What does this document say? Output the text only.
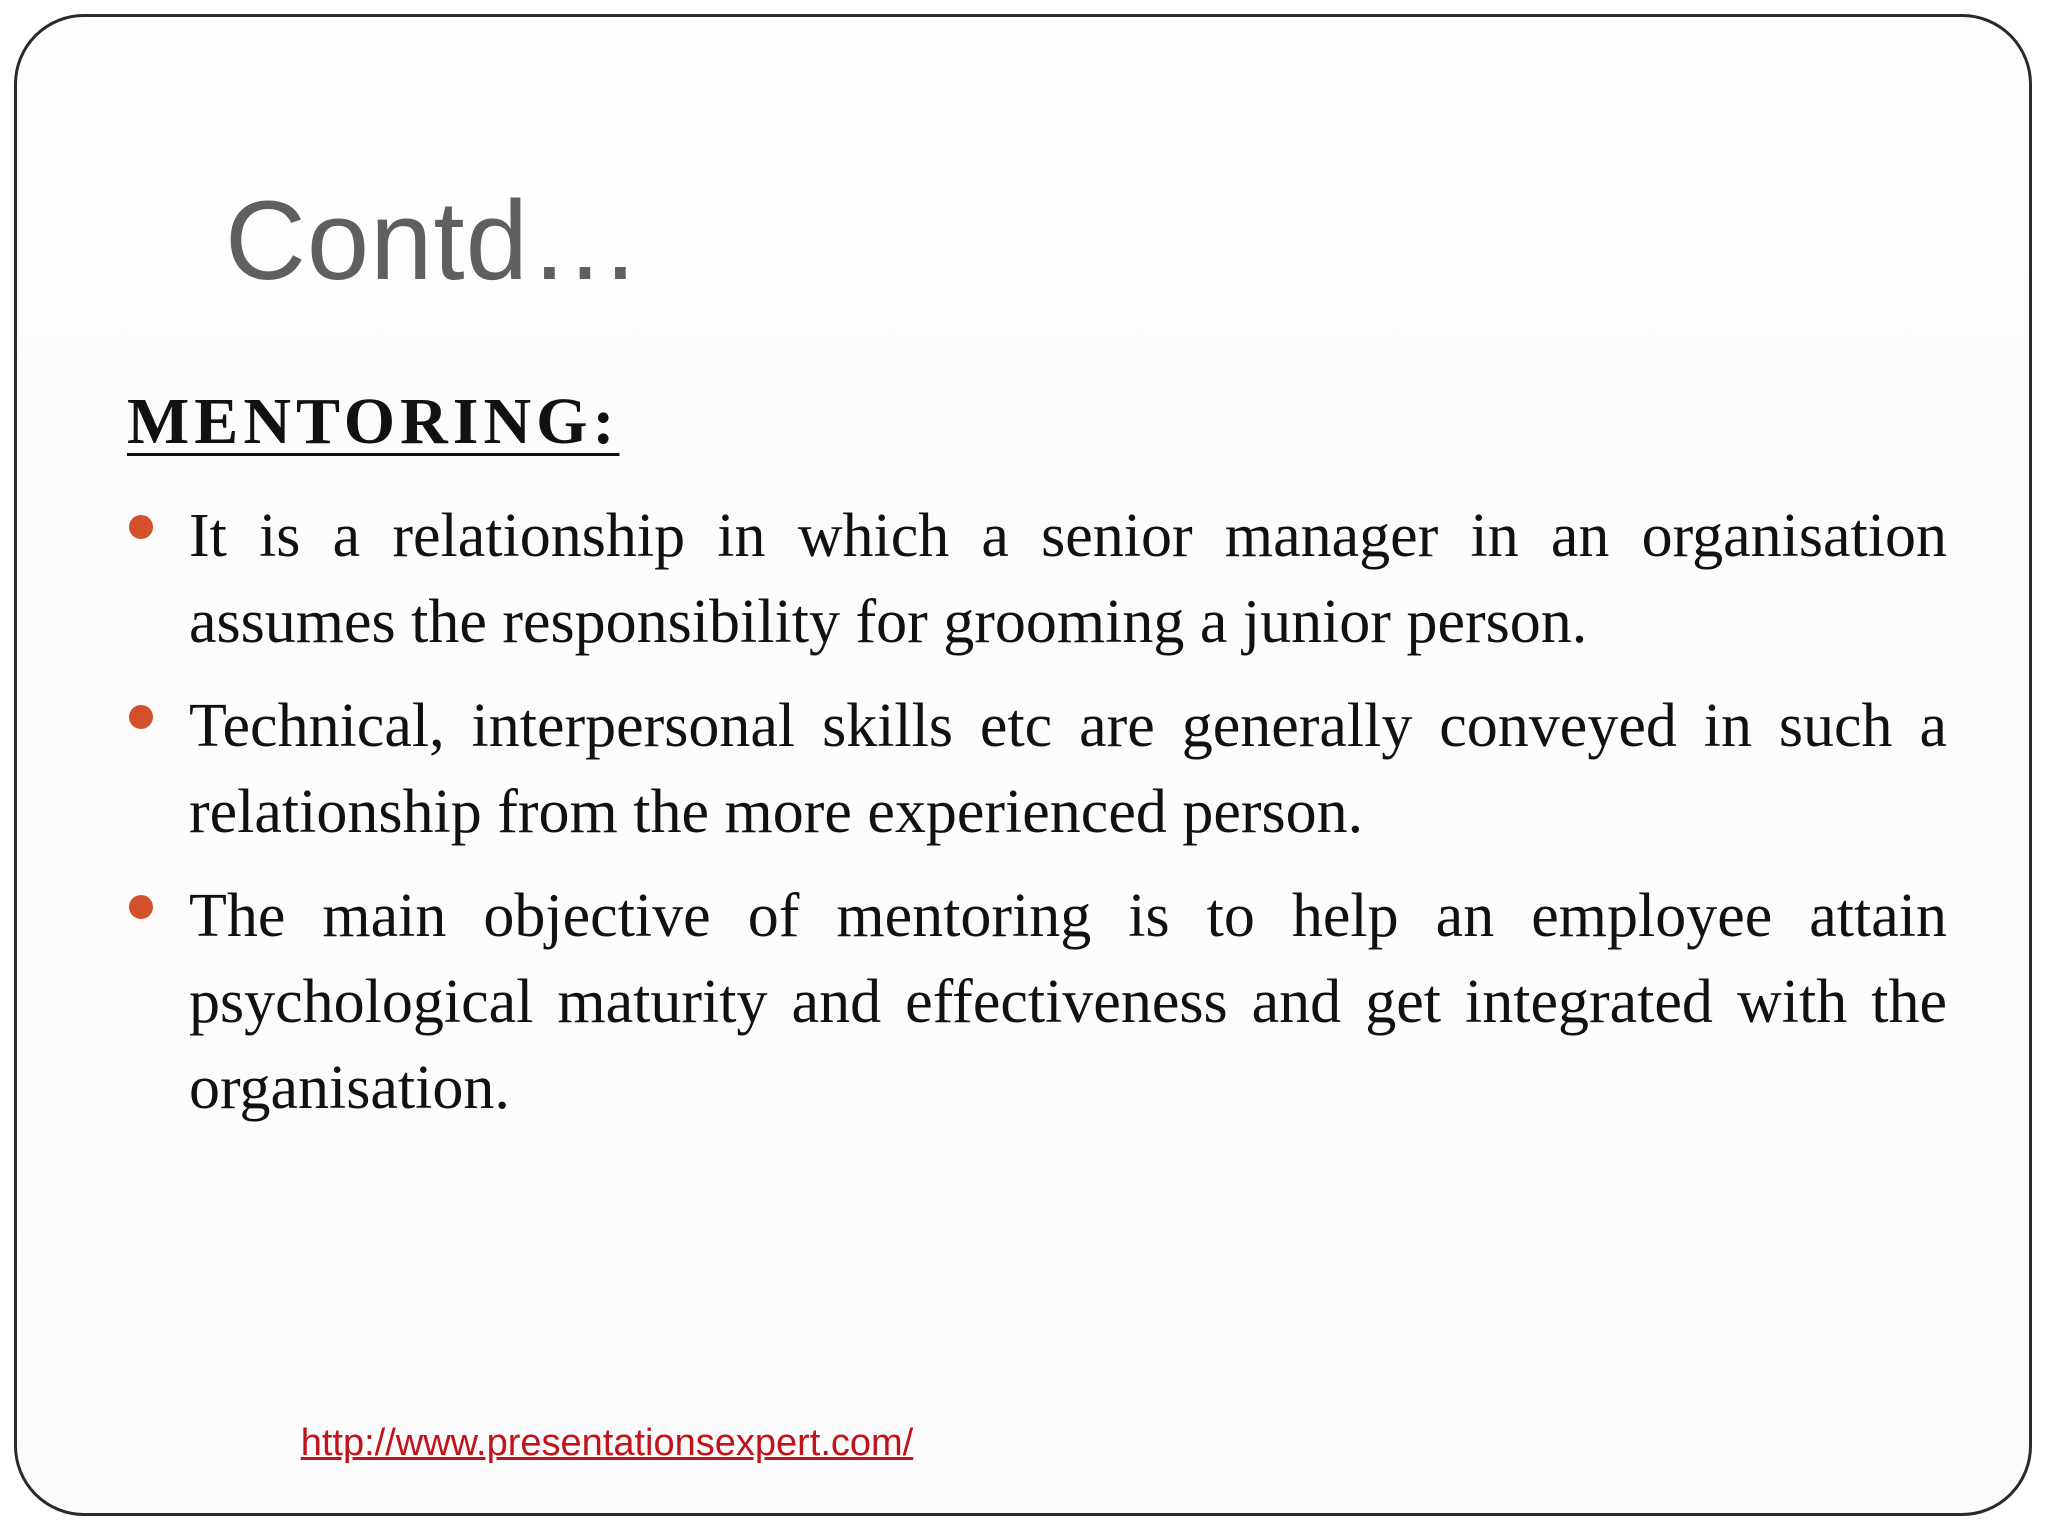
Contd…
MENTORING:
It is a relationship in which a senior manager in an organisation assumes the responsibility for grooming a junior person.
Technical, interpersonal skills etc are generally conveyed in such a relationship from the more experienced person.
The main objective of mentoring is to help an employee attain psychological maturity and effectiveness and get integrated with the organisation.
http://www.presentationsexpert.com/
